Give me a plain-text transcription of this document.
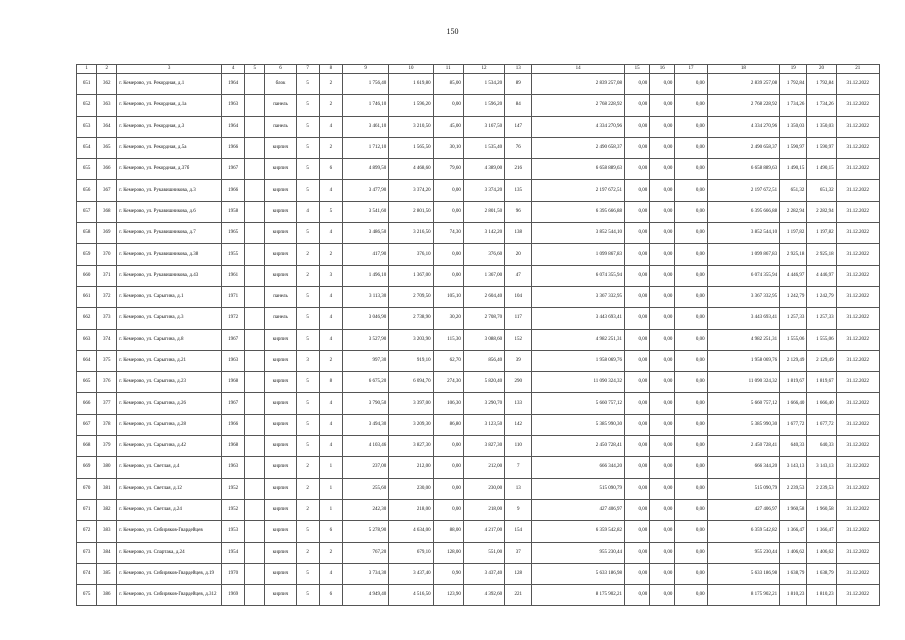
150
1	2	3	4	5	6	7	8	9	10	11	12	13	14	15	16	17	18	19	20	21
651	362	г. Кемерово, ул. Рекордная, д.1	1964		блок	5	2	1 756,40	1 619,80	85,00	1 534,20	89	2 839 257,08	0,00	0,00	0,00	2 839 257,08	1 792,84	1 792,84	31.12.2022
652	363	г. Кемерово, ул. Рекордная, д.1а	1963		панель	5	2	1 746,10	1 596,20	0,00	1 596,20	84	2 768 228,92	0,00	0,00	0,00	2 768 228,92	1 734,26	1 734,26	31.12.2022
653	364	г. Кемерово, ул. Рекордная, д.3	1964		панель	5	4	3 461,10	3 210,50	45,00	3 167,50	147	4 334 270,96	0,00	0,00	0,00	4 334 270,96	1 350,03	1 350,03	31.12.2022
654	365	г. Кемерово, ул. Рекордная, д.5а	1966		кирпич	5	2	1 712,10	1 565,50	30,10	1 535,40	76	2 490 658,37	0,00	0,00	0,00	2 490 658,37	1 590,97	1 590,97	31.12.2022
655	366	г. Кемерово, ул. Рекордная, д.37б	1967		кирпич	5	6	4 899,50	4 468,60	79,60	4 389,00	216	6 658 889,63	0,00	0,00	0,00	6 658 889,63	1 490,15	1 490,15	31.12.2022
656	367	г. Кемерово, ул. Рукавишникова, д.3	1966		кирпич	5	4	3 477,90	3 374,20	0,00	3 374,20	135	2 197 672,51	0,00	0,00	0,00	2 197 672,51	651,32	651,32	31.12.2022
657	368	г. Кемерово, ул. Рукавишникова, д.6	1958		кирпич	4	5	3 541,60	2 801,50	0,00	2 801,50	96	6 395 666,88	0,00	0,00	0,00	6 395 666,88	2 282,94	2 282,94	31.12.2022
658	369	г. Кемерово, ул. Рукавишникова, д.7	1965		кирпич	5	4	3 486,50	3 216,50	74,30	3 142,20	138	3 852 544,10	0,00	0,00	0,00	3 852 544,10	1 197,82	1 197,82	31.12.2022
659	370	г. Кемерово, ул. Рукавишникова, д.38	1955		кирпич	2	2	417,90	376,10	0,00	376,60	20	1 099 867,83	0,00	0,00	0,00	1 099 867,83	2 925,18	2 925,18	31.12.2022
660	371	г. Кемерово, ул. Рукавишникова, д.43	1961		кирпич	2	3	1 496,10	1 367,00	0,00	1 367,00	47	6 074 355,94	0,00	0,00	0,00	6 074 355,94	4 446,97	4 446,97	31.12.2022
661	372	г. Кемерово, ул. Сарыгина, д.1	1971		панель	5	4	3 113,30	2 709,50	105,10	2 604,40	104	3 367 332,95	0,00	0,00	0,00	3 367 332,95	1 242,79	1 242,79	31.12.2022
662	373	г. Кемерово, ул. Сарыгина, д.3	1972		панель	5	4	3 046,90	2 738,90	30,20	2 708,70	117	3 443 693,41	0,00	0,00	0,00	3 443 693,41	1 257,33	1 257,33	31.12.2022
663	374	г. Кемерово, ул. Сарыгина, д.8	1967		кирпич	5	4	3 527,90	3 203,90	115,30	3 088,60	152	4 982 251,31	0,00	0,00	0,00	4 982 251,31	1 555,06	1 555,06	31.12.2022
664	375	г. Кемерово, ул. Сарыгина, д.21	1963		кирпич	3	2	997,30	919,10	62,70	856,40	39	1 958 069,76	0,00	0,00	0,00	1 958 069,76	2 129,49	2 129,49	31.12.2022
665	376	г. Кемерово, ул. Сарыгина, д.23	1968		кирпич	5	8	6 675,20	6 094,70	274,30	5 820,40	290	11 090 324,32	0,00	0,00	0,00	11 090 324,32	1 819,67	1 819,67	31.12.2022
666	377	г. Кемерово, ул. Сарыгина, д.26	1967		кирпич	5	4	3 790,50	3 397,00	106,30	3 290,70	133	5 660 757,12	0,00	0,00	0,00	5 660 757,12	1 666,40	1 666,40	31.12.2022
667	378	г. Кемерово, ул. Сарыгина, д.28	1966		кирпич	5	4	3 494,30	3 209,30	86,80	3 123,50	142	5 385 990,30	0,00	0,00	0,00	5 385 990,30	1 677,72	1 677,72	31.12.2022
668	379	г. Кемерово, ул. Сарыгина, д.42	1968		кирпич	5	4	4 103,46	3 827,30	0,00	3 827,30	110	2 450 728,41	0,00	0,00	0,00	2 450 728,41	640,33	640,33	31.12.2022
669	380	г. Кемерово, ул. Светлая, д.4	1963		кирпич	2	1	237,00	212,00	0,00	212,00	7	666 344,20	0,00	0,00	0,00	666 344,20	3 143,13	3 143,13	31.12.2022
670	381	г. Кемерово, ул. Светлая, д.12	1952		кирпич	2	1	255,60	230,00	0,00	230,00	13	515 090,79	0,00	0,00	0,00	515 090,79	2 239,53	2 239,53	31.12.2022
671	382	г. Кемерово, ул. Светлая, д.24	1952		кирпич	2	1	242,30	218,00	0,00	218,00	9	427 406,97	0,00	0,00	0,00	427 406,97	1 960,58	1 960,58	31.12.2022
672	383	г. Кемерово, ул. Сибиряков-Гвардейцев	1953		кирпич	5	6	5 278,90	4 634,00	88,00	4 217,00	154	6 359 542,82	0,00	0,00	0,00	6 359 542,82	1 366,47	1 366,47	31.12.2022
673	384	г. Кемерово, ул. Спартака, д.24	1954		кирпич	2	2	767,20	679,10	128,00	551,00	37	955 230,44	0,00	0,00	0,00	955 230,44	1 406,62	1 406,62	31.12.2022
674	385	г. Кемерово, ул. Сибиряков-Гвардейцев, д.19	1970		кирпич	5	4	3 734,30	3 437,40	0,90	3 437,40	128	5 633 186,98	0,00	0,00	0,00	5 633 186,98	1 638,79	1 638,79	31.12.2022
675	386	г. Кемерово, ул. Сибиряков-Гвардейцев, д.312	1969		кирпич	5	6	4 949,40	4 516,50	123,90	4 392,60	221	8 175 902,21	0,00	0,00	0,00	8 175 902,21	1 810,23	1 810,23	31.12.2022
